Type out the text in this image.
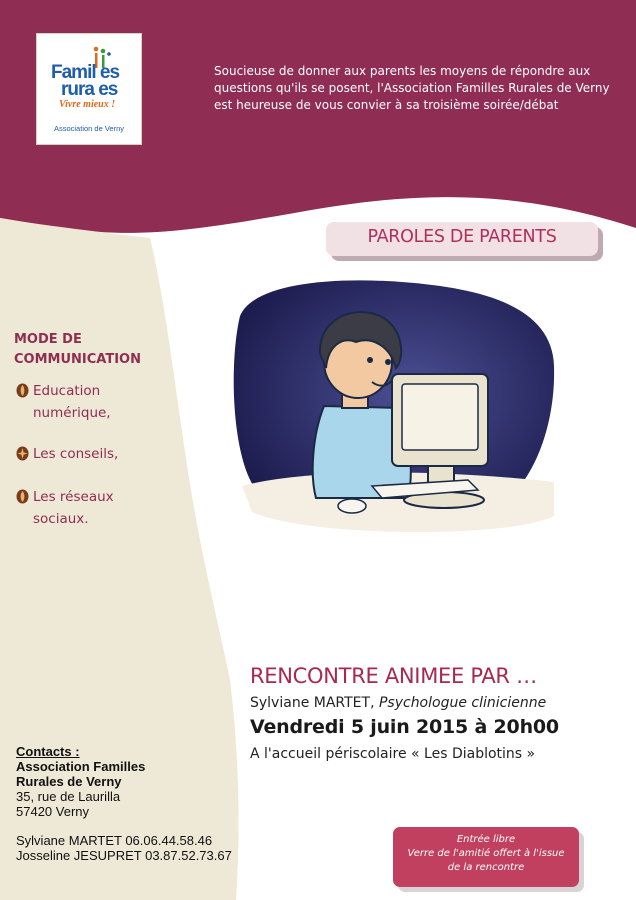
Famil es
rura es
Vivre mieux !
Association de Verny
Soucieuse de donner aux parents les moyens de répondre aux questions qu'ils se posent, l'Association Familles Rurales de Verny est heureuse de vous convier à sa troisième soirée/débat
PAROLES DE PARENTS
MODE DE
COMMUNICATION
Education
numérique,
Les conseils,
Les réseaux
sociaux.
RENCONTRE ANIMEE PAR …
Sylviane MARTET, Psychologue clinicienne
Vendredi 5 juin 2015 à 20h00
A l'accueil périscolaire « Les Diablotins »
Contacts :
Association Familles
Rurales de Verny
35, rue de Laurilla
57420 Verny
Sylviane MARTET 06.06.44.58.46
Josseline JESUPRET 03.87.52.73.67
Entrée libre
Verre de l'amitié offert à l'issue de la rencontre
